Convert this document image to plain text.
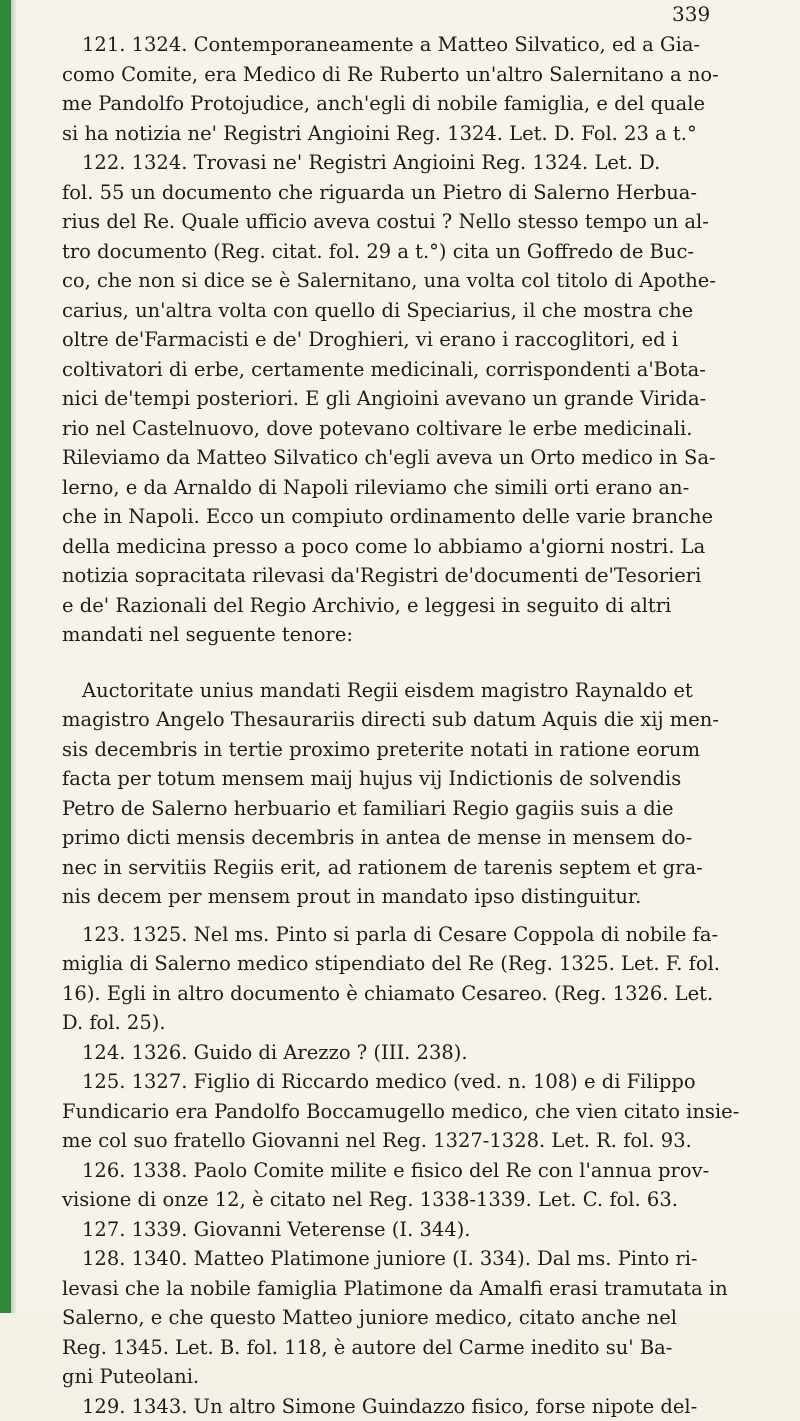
339
121. 1324. Contemporaneamente a Matteo Silvatico, ed a Gia-
como Comite, era Medico di Re Ruberto un'altro Salernitano a no-
me Pandolfo Protojudice, anch'egli di nobile famiglia, e del quale
si ha notizia ne' Registri Angioini Reg. 1324. Let. D. Fol. 23 a t.°
122. 1324. Trovasi ne' Registri Angioini Reg. 1324. Let. D.
fol. 55 un documento che riguarda un Pietro di Salerno Herbua-
rius del Re. Quale ufficio aveva costui ? Nello stesso tempo un al-
tro documento (Reg. citat. fol. 29 a t.°) cita un Goffredo de Buc-
co, che non si dice se è Salernitano, una volta col titolo di Apothe-
carius, un'altra volta con quello di Speciarius, il che mostra che
oltre de'Farmacisti e de' Droghieri, vi erano i raccoglitori, ed i
coltivatori di erbe, certamente medicinali, corrispondenti a'Bota-
nici de'tempi posteriori. E gli Angioini avevano un grande Virida-
rio nel Castelnuovo, dove potevano coltivare le erbe medicinali.
Rileviamo da Matteo Silvatico ch'egli aveva un Orto medico in Sa-
lerno, e da Arnaldo di Napoli rileviamo che simili orti erano an-
che in Napoli. Ecco un compiuto ordinamento delle varie branche
della medicina presso a poco come lo abbiamo a'giorni nostri. La
notizia sopracitata rilevasi da'Registri de'documenti de'Tesorieri
e de' Razionali del Regio Archivio, e leggesi in seguito di altri
mandati nel seguente tenore:
Auctoritate unius mandati Regii eisdem magistro Raynaldo et
magistro Angelo Thesaurariis directi sub datum Aquis die xij men-
sis decembris in tertie proximo preterite notati in ratione eorum
facta per totum mensem maij hujus vij Indictionis de solvendis
Petro de Salerno herbuario et familiari Regio gagiis suis a die
primo dicti mensis decembris in antea de mense in mensem do-
nec in servitiis Regiis erit, ad rationem de tarenis septem et gra-
nis decem per mensem prout in mandato ipso distinguitur.
123. 1325. Nel ms. Pinto si parla di Cesare Coppola di nobile fa-
miglia di Salerno medico stipendiato del Re (Reg. 1325. Let. F. fol.
16). Egli in altro documento è chiamato Cesareo. (Reg. 1326. Let.
D. fol. 25).
124. 1326. Guido di Arezzo ? (III. 238).
125. 1327. Figlio di Riccardo medico (ved. n. 108) e di Filippo
Fundicario era Pandolfo Boccamugello medico, che vien citato insie-
me col suo fratello Giovanni nel Reg. 1327-1328. Let. R. fol. 93.
126. 1338. Paolo Comite milite e fisico del Re con l'annua prov-
visione di onze 12, è citato nel Reg. 1338-1339. Let. C. fol. 63.
127. 1339. Giovanni Veterense (I. 344).
128. 1340. Matteo Platimone juniore (I. 334). Dal ms. Pinto ri-
levasi che la nobile famiglia Platimone da Amalfi erasi tramutata in
Salerno, e che questo Matteo juniore medico, citato anche nel
Reg. 1345. Let. B. fol. 118, è autore del Carme inedito su' Ba-
gni Puteolani.
129. 1343. Un altro Simone Guindazzo fisico, forse nipote del-
